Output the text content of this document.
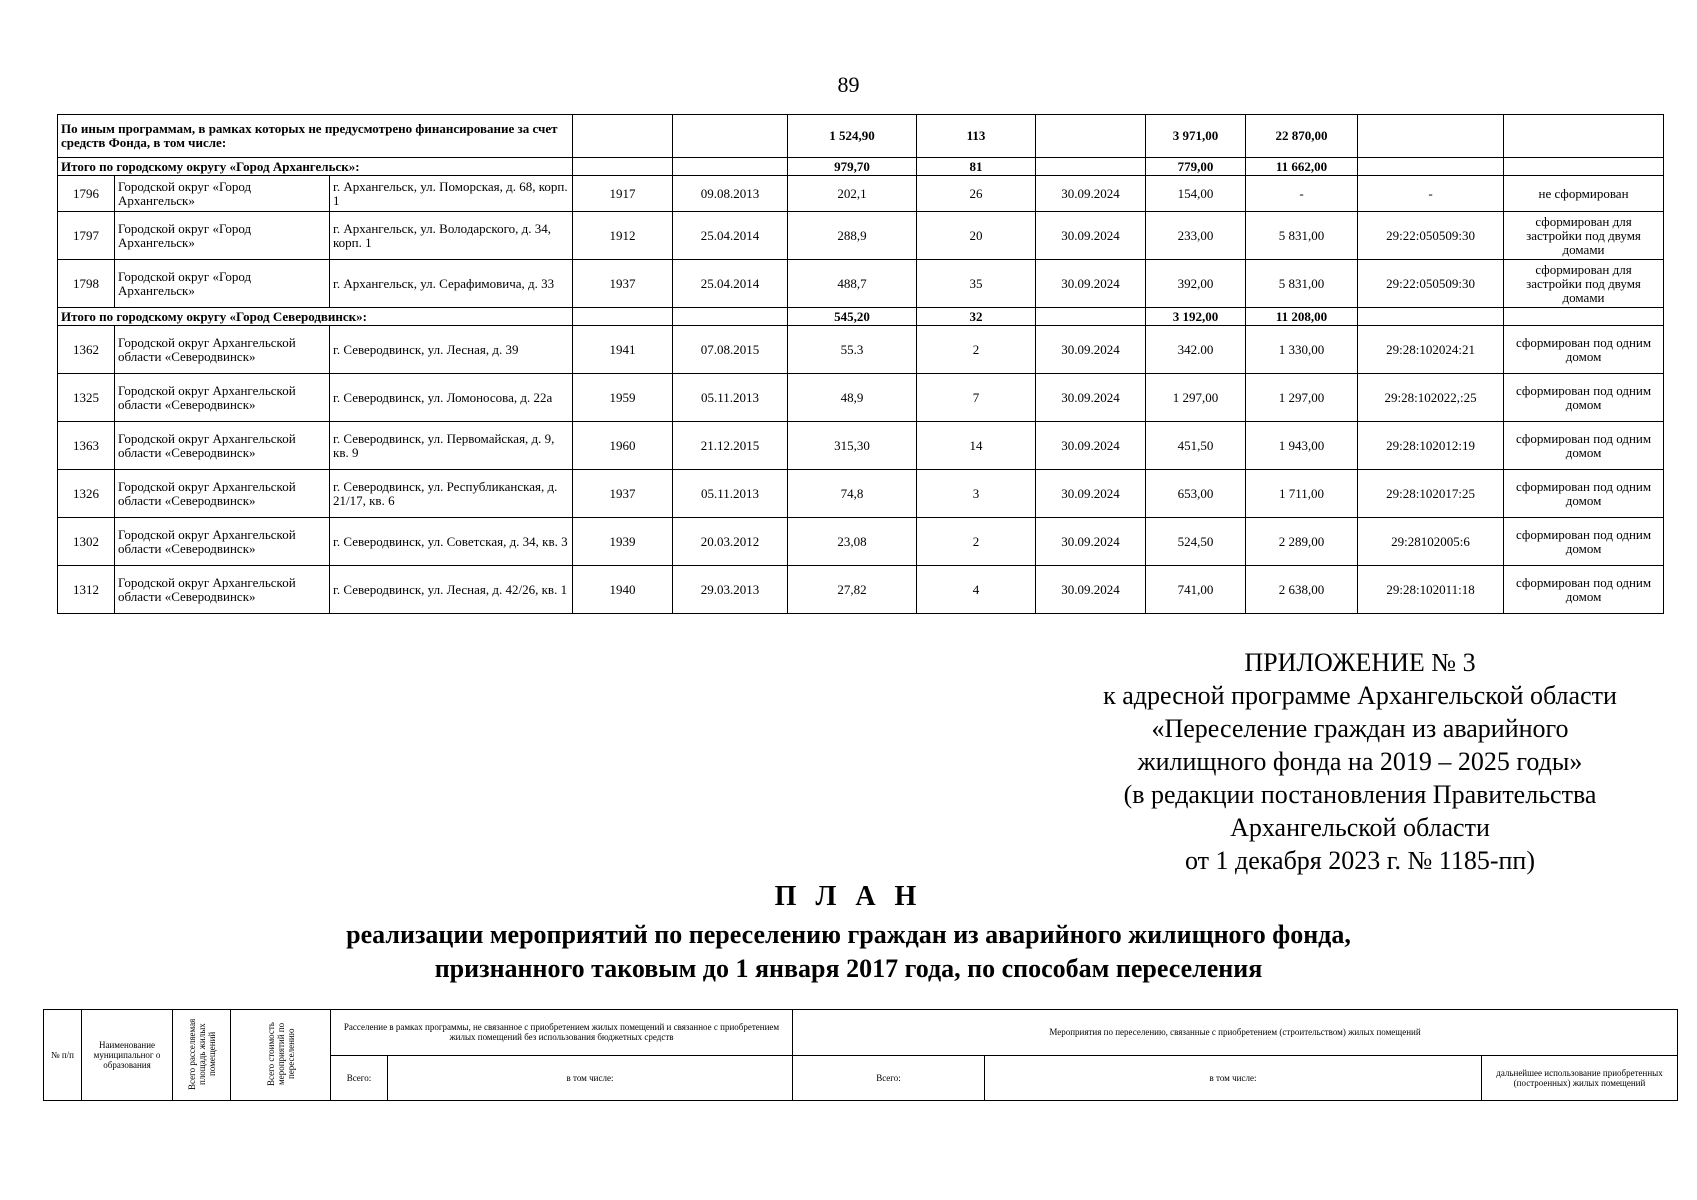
89
По иным программам, в рамках которых не предусмотрено финансирование за счет средств Фонда, в том числе:					1 524,90	113		3 971,00	22 870,00		
Итого по городскому округу «Город Архангельск»:					979,70	81		779,00	11 662,00		
1796	Городской округ «Город Архангельск»	г. Архангельск, ул. Поморская, д. 68, корп. 1	1917	09.08.2013	202,1	26	30.09.2024	154,00	-	-	не сформирован
1797	Городской округ «Город Архангельск»	г. Архангельск, ул. Володарского, д. 34, корп. 1	1912	25.04.2014	288,9	20	30.09.2024	233,00	5 831,00	29:22:050509:30	сформирован для застройки под двумя домами
1798	Городской округ «Город Архангельск»	г. Архангельск, ул. Серафимовича, д. 33	1937	25.04.2014	488,7	35	30.09.2024	392,00	5 831,00	29:22:050509:30	сформирован для застройки под двумя домами
Итого по городскому округу «Город Северодвинск»:					545,20	32		3 192,00	11 208,00		
1362	Городской округ Архангельской области «Северодвинск»	г. Северодвинск, ул. Лесная, д. 39	1941	07.08.2015	55.3	2	30.09.2024	342.00	1 330,00	29:28:102024:21	сформирован под одним домом
1325	Городской округ Архангельской области «Северодвинск»	г. Северодвинск, ул. Ломоносова, д. 22а	1959	05.11.2013	48,9	7	30.09.2024	1 297,00	1 297,00	29:28:102022,:25	сформирован под одним домом
1363	Городской округ Архангельской области «Северодвинск»	г. Северодвинск, ул. Первомайская, д. 9, кв. 9	1960	21.12.2015	315,30	14	30.09.2024	451,50	1 943,00	29:28:102012:19	сформирован под одним домом
1326	Городской округ Архангельской области «Северодвинск»	г. Северодвинск, ул. Республиканская, д. 21/17, кв. 6	1937	05.11.2013	74,8	3	30.09.2024	653,00	1 711,00	29:28:102017:25	сформирован под одним домом
1302	Городской округ Архангельской области «Северодвинск»	г. Северодвинск, ул. Советская, д. 34, кв. 3	1939	20.03.2012	23,08	2	30.09.2024	524,50	2 289,00	29:28102005:6	сформирован под одним домом
1312	Городской округ Архангельской области «Северодвинск»	г. Северодвинск, ул. Лесная, д. 42/26, кв. 1	1940	29.03.2013	27,82	4	30.09.2024	741,00	2 638,00	29:28:102011:18	сформирован под одним домом
ПРИЛОЖЕНИЕ № 3
к адресной программе Архангельской области
«Переселение граждан из аварийного
жилищного фонда на 2019 – 2025 годы»
(в редакции постановления Правительства
Архангельской области
от 1 декабря 2023 г. № 1185-пп)
П Л А Н
реализации мероприятий по переселению граждан из аварийного жилищного фонда,
признанного таковым до 1 января 2017 года, по способам переселения
№ п/п	Наименование муниципальног о образования	Всего расселяемая площадь жилых помещений	Всего стоимость мероприятий по переселению	Расселение в рамках программы, не связанное с приобретением жилых помещений и связанное с приобретением жилых помещений без использования бюджетных средств		Мероприятия по переселению, связанные с приобретением (строительством) жилых помещений		
				Всего:	в том числе:	Всего:	в том числе:	дальнейшее использование приобретенных (построенных) жилых помещений
